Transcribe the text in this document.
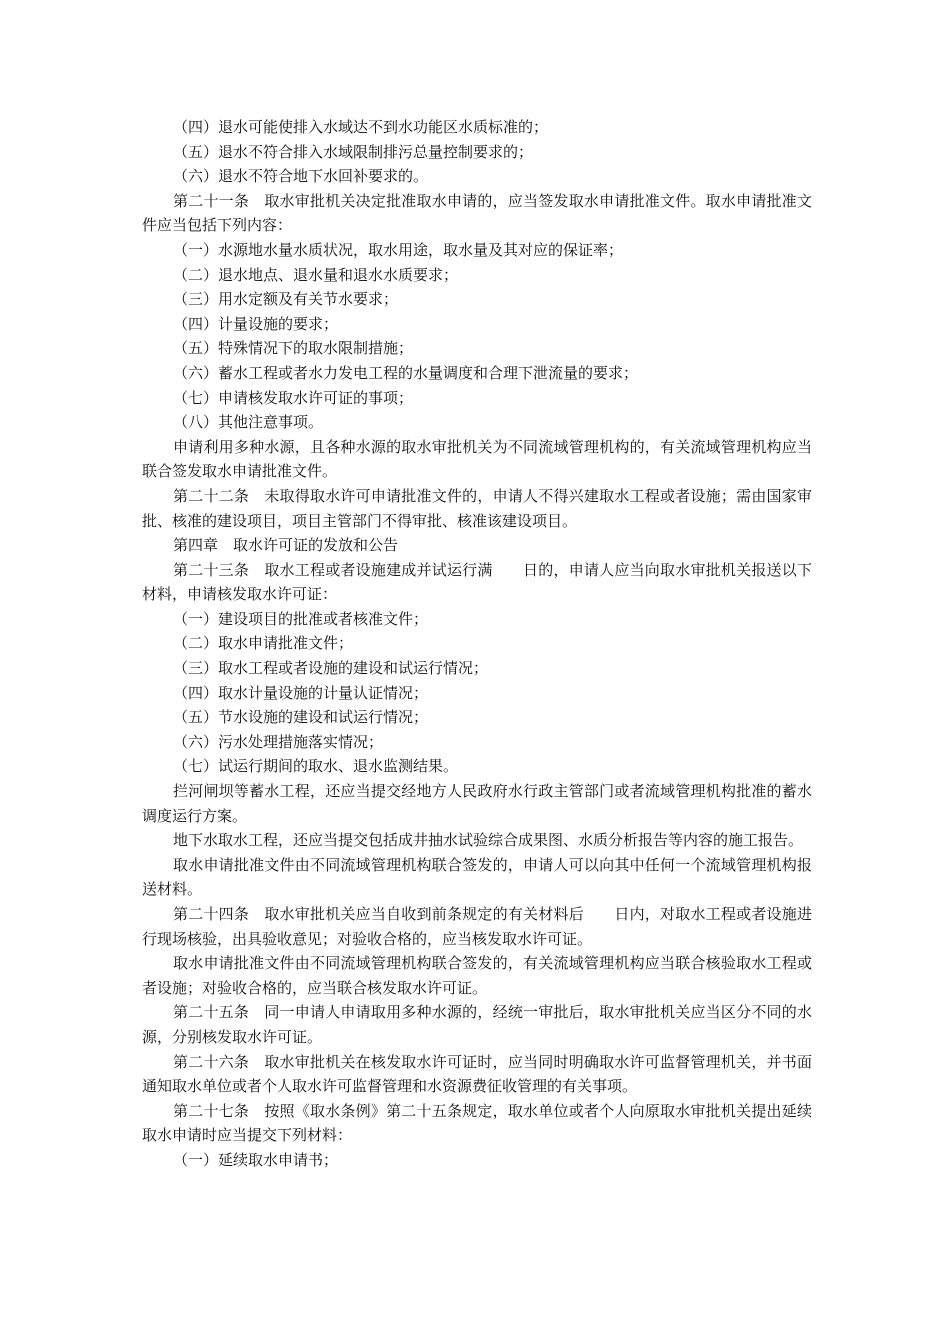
（四）退水可能使排入水域达不到水功能区水质标准的；

（五）退水不符合排入水域限制排污总量控制要求的；

（六）退水不符合地下水回补要求的。

第二十一条　取水审批机关决定批准取水申请的，应当签发取水申请批准文件。取水申请批准文件应当包括下列内容：

（一）水源地水量水质状况，取水用途，取水量及其对应的保证率；

（二）退水地点、退水量和退水水质要求；

（三）用水定额及有关节水要求；

（四）计量设施的要求；

（五）特殊情况下的取水限制措施；

（六）蓄水工程或者水力发电工程的水量调度和合理下泄流量的要求；

（七）申请核发取水许可证的事项；

（八）其他注意事项。

申请利用多种水源，且各种水源的取水审批机关为不同流域管理机构的，有关流域管理机构应当联合签发取水申请批准文件。

第二十二条　未取得取水许可申请批准文件的，申请人不得兴建取水工程或者设施；需由国家审批、核准的建设项目，项目主管部门不得审批、核准该建设项目。

第四章　取水许可证的发放和公告

第二十三条　取水工程或者设施建成并试运行满　　日的，申请人应当向取水审批机关报送以下材料，申请核发取水许可证：

（一）建设项目的批准或者核准文件；

（二）取水申请批准文件；

（三）取水工程或者设施的建设和试运行情况；

（四）取水计量设施的计量认证情况；

（五）节水设施的建设和试运行情况；

（六）污水处理措施落实情况；

（七）试运行期间的取水、退水监测结果。

拦河闸坝等蓄水工程，还应当提交经地方人民政府水行政主管部门或者流域管理机构批准的蓄水调度运行方案。

地下水取水工程，还应当提交包括成井抽水试验综合成果图、水质分析报告等内容的施工报告。

取水申请批准文件由不同流域管理机构联合签发的，申请人可以向其中任何一个流域管理机构报送材料。

第二十四条　取水审批机关应当自收到前条规定的有关材料后　　日内，对取水工程或者设施进行现场核验，出具验收意见；对验收合格的，应当核发取水许可证。

取水申请批准文件由不同流域管理机构联合签发的，有关流域管理机构应当联合核验取水工程或者设施；对验收合格的，应当联合核发取水许可证。

第二十五条　同一申请人申请取用多种水源的，经统一审批后，取水审批机关应当区分不同的水源，分别核发取水许可证。

第二十六条　取水审批机关在核发取水许可证时，应当同时明确取水许可监督管理机关，并书面通知取水单位或者个人取水许可监督管理和水资源费征收管理的有关事项。

第二十七条　按照《取水条例》第二十五条规定，取水单位或者个人向原取水审批机关提出延续取水申请时应当提交下列材料：

（一）延续取水申请书；
